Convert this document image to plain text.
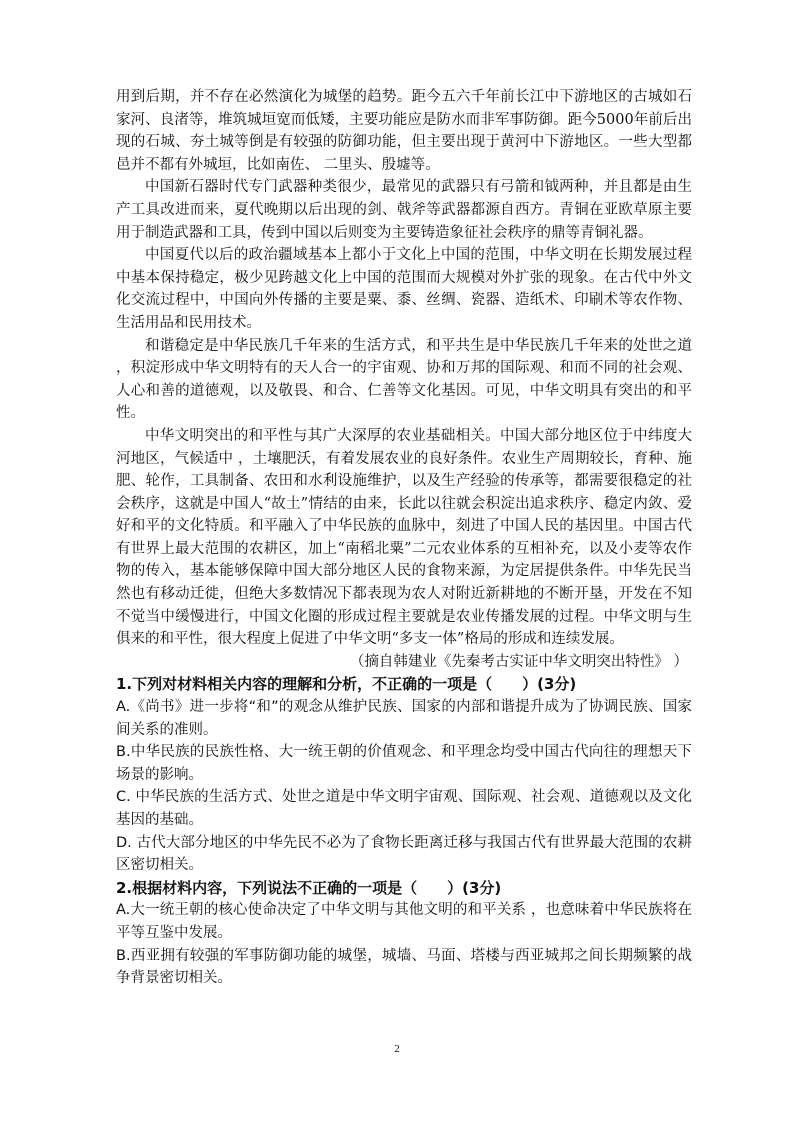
用到后期，并不存在必然演化为城堡的趋势。距今五六千年前长江中下游地区的古城如石家河、良渚等，堆筑城垣宽而低矮，主要功能应是防水而非军事防御。距今5000年前后出现的石城、夯土城等倒是有较强的防御功能，但主要出现于黄河中下游地区。一些大型都邑并不都有外城垣，比如南佐、 二里头、殷墟等。

中国新石器时代专门武器种类很少，最常见的武器只有弓箭和钺两种，并且都是由生产工具改进而来，夏代晚期以后出现的剑、戟斧等武器都源自西方。青铜在亚欧草原主要用于制造武器和工具，传到中国以后则变为主要铸造象征社会秩序的鼎等青铜礼器。

中国夏代以后的政治疆域基本上都小于文化上中国的范围，中华文明在长期发展过程中基本保持稳定，极少见跨越文化上中国的范围而大规模对外扩张的现象。在古代中外文化交流过程中，中国向外传播的主要是粟、黍、丝绸、瓷器、造纸术、印刷术等农作物、生活用品和民用技术。

和谐稳定是中华民族几千年来的生活方式，和平共生是中华民族几千年来的处世之道 ，积淀形成中华文明特有的天人合一的宇宙观、协和万邦的国际观、和而不同的社会观、人心和善的道德观，以及敬畏、和合、仁善等文化基因。可见，中华文明具有突出的和平性。

中华文明突出的和平性与其广大深厚的农业基础相关。中国大部分地区位于中纬度大河地区，气候适中 ，土壤肥沃，有着发展农业的良好条件。农业生产周期较长，育种、施肥、轮作，工具制备、农田和水利设施维护，以及生产经验的传承等，都需要很稳定的社会秩序，这就是中国人“故土”情结的由来，长此以往就会积淀出追求秩序、稳定内敛、爱好和平的文化特质。和平融入了中华民族的血脉中，刻进了中国人民的基因里。中国古代有世界上最大范围的农耕区，加上“南稻北粟”二元农业体系的互相补充，以及小麦等农作物的传入，基本能够保障中国大部分地区人民的食物来源，为定居提供条件。中华先民当然也有移动迁徙，但绝大多数情况下都表现为农人对附近新耕地的不断开垦，开发在不知不觉当中缓慢进行，中国文化圈的形成过程主要就是农业传播发展的过程。中华文明与生俱来的和平性，很大程度上促进了中华文明“多支一体”格局的形成和连续发展。

（摘自韩建业《先秦考古实证中华文明突出特性》 ）

1.下列对材料相关内容的理解和分析，不正确的一项是（　　）(3分)

A.《尚书》进一步将“和”的观念从维护民族、国家的内部和谐提升成为了协调民族、国家间关系的准则。

B.中华民族的民族性格、大一统王朝的价值观念、和平理念均受中国古代向往的理想天下场景的影响。

C. 中华民族的生活方式、处世之道是中华文明宇宙观、国际观、社会观、道德观以及文化基因的基础。

D. 古代大部分地区的中华先民不必为了食物长距离迁移与我国古代有世界最大范围的农耕区密切相关。

2.根据材料内容，下列说法不正确的一项是（　　）(3分)

A.大一统王朝的核心使命决定了中华文明与其他文明的和平关系 ，也意味着中华民族将在平等互鉴中发展。

B.西亚拥有较强的军事防御功能的城堡，城墙、马面、塔楼与西亚城邦之间长期频繁的战争背景密切相关。

2
